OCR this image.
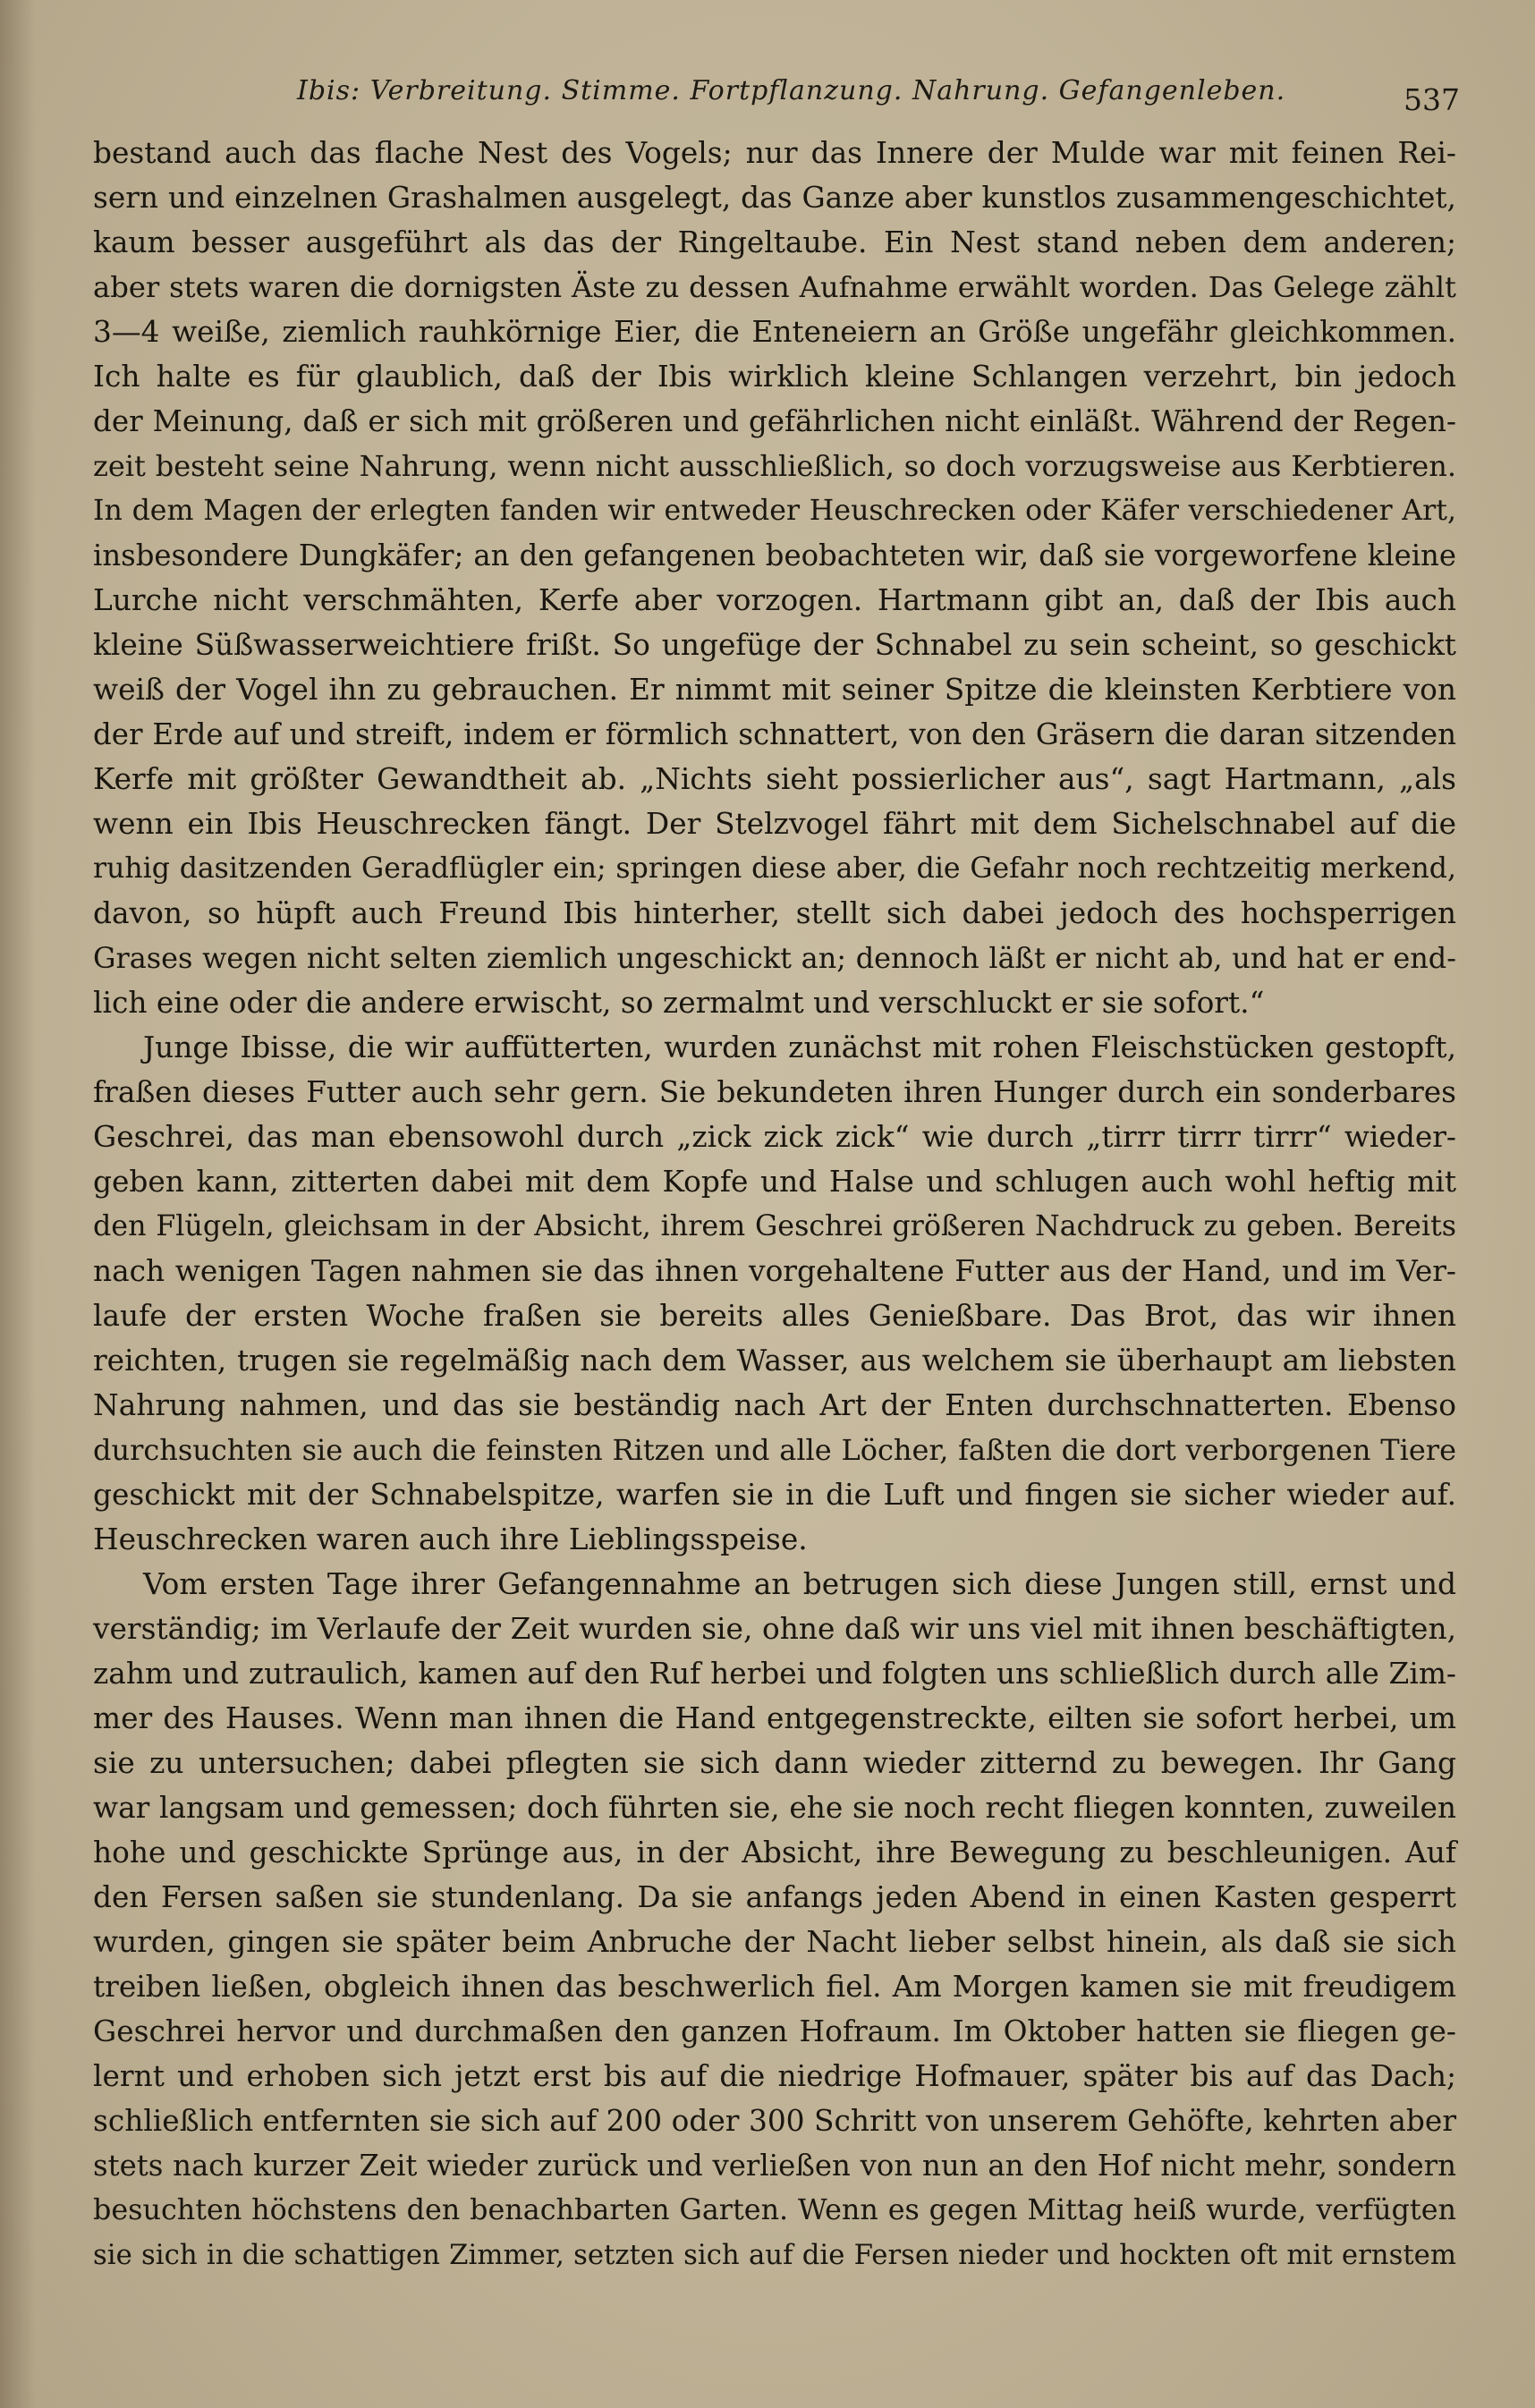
Ibis: Verbreitung. Stimme. Fortpflanzung. Nahrung. Gefangenleben.	537
bestand auch das flache Nest des Vogels; nur das Innere der Mulde war mit feinen Rei-
sern und einzelnen Grashalmen ausgelegt, das Ganze aber kunstlos zusammengeschichtet,
kaum besser ausgeführt als das der Ringeltaube. Ein Nest stand neben dem anderen;
aber stets waren die dornigsten Äste zu dessen Aufnahme erwählt worden. Das Gelege zählt
3—4 weiße, ziemlich rauhkörnige Eier, die Enteneiern an Größe ungefähr gleichkommen.
Ich halte es für glaublich, daß der Ibis wirklich kleine Schlangen verzehrt, bin jedoch
der Meinung, daß er sich mit größeren und gefährlichen nicht einläßt. Während der Regen-
zeit besteht seine Nahrung, wenn nicht ausschließlich, so doch vorzugsweise aus Kerbtieren.
In dem Magen der erlegten fanden wir entweder Heuschrecken oder Käfer verschiedener Art,
insbesondere Dungkäfer; an den gefangenen beobachteten wir, daß sie vorgeworfene kleine
Lurche nicht verschmähten, Kerfe aber vorzogen. Hartmann gibt an, daß der Ibis auch
kleine Süßwasserweichtiere frißt. So ungefüge der Schnabel zu sein scheint, so geschickt
weiß der Vogel ihn zu gebrauchen. Er nimmt mit seiner Spitze die kleinsten Kerbtiere von
der Erde auf und streift, indem er förmlich schnattert, von den Gräsern die daran sitzenden
Kerfe mit größter Gewandtheit ab. „Nichts sieht possierlicher aus“, sagt Hartmann, „als
wenn ein Ibis Heuschrecken fängt. Der Stelzvogel fährt mit dem Sichelschnabel auf die
ruhig dasitzenden Geradflügler ein; springen diese aber, die Gefahr noch rechtzeitig merkend,
davon, so hüpft auch Freund Ibis hinterher, stellt sich dabei jedoch des hochsperrigen
Grases wegen nicht selten ziemlich ungeschickt an; dennoch läßt er nicht ab, und hat er end-
lich eine oder die andere erwischt, so zermalmt und verschluckt er sie sofort.“
Junge Ibisse, die wir auffütterten, wurden zunächst mit rohen Fleischstücken gestopft,
fraßen dieses Futter auch sehr gern. Sie bekundeten ihren Hunger durch ein sonderbares
Geschrei, das man ebensowohl durch „zick zick zick“ wie durch „tirrr tirrr tirrr“ wieder-
geben kann, zitterten dabei mit dem Kopfe und Halse und schlugen auch wohl heftig mit
den Flügeln, gleichsam in der Absicht, ihrem Geschrei größeren Nachdruck zu geben. Bereits
nach wenigen Tagen nahmen sie das ihnen vorgehaltene Futter aus der Hand, und im Ver-
laufe der ersten Woche fraßen sie bereits alles Genießbare. Das Brot, das wir ihnen
reichten, trugen sie regelmäßig nach dem Wasser, aus welchem sie überhaupt am liebsten
Nahrung nahmen, und das sie beständig nach Art der Enten durchschnatterten. Ebenso
durchsuchten sie auch die feinsten Ritzen und alle Löcher, faßten die dort verborgenen Tiere
geschickt mit der Schnabelspitze, warfen sie in die Luft und fingen sie sicher wieder auf.
Heuschrecken waren auch ihre Lieblingsspeise.
Vom ersten Tage ihrer Gefangennahme an betrugen sich diese Jungen still, ernst und
verständig; im Verlaufe der Zeit wurden sie, ohne daß wir uns viel mit ihnen beschäftigten,
zahm und zutraulich, kamen auf den Ruf herbei und folgten uns schließlich durch alle Zim-
mer des Hauses. Wenn man ihnen die Hand entgegenstreckte, eilten sie sofort herbei, um
sie zu untersuchen; dabei pflegten sie sich dann wieder zitternd zu bewegen. Ihr Gang
war langsam und gemessen; doch führten sie, ehe sie noch recht fliegen konnten, zuweilen
hohe und geschickte Sprünge aus, in der Absicht, ihre Bewegung zu beschleunigen. Auf
den Fersen saßen sie stundenlang. Da sie anfangs jeden Abend in einen Kasten gesperrt
wurden, gingen sie später beim Anbruche der Nacht lieber selbst hinein, als daß sie sich
treiben ließen, obgleich ihnen das beschwerlich fiel. Am Morgen kamen sie mit freudigem
Geschrei hervor und durchmaßen den ganzen Hofraum. Im Oktober hatten sie fliegen ge-
lernt und erhoben sich jetzt erst bis auf die niedrige Hofmauer, später bis auf das Dach;
schließlich entfernten sie sich auf 200 oder 300 Schritt von unserem Gehöfte, kehrten aber
stets nach kurzer Zeit wieder zurück und verließen von nun an den Hof nicht mehr, sondern
besuchten höchstens den benachbarten Garten. Wenn es gegen Mittag heiß wurde, verfügten
sie sich in die schattigen Zimmer, setzten sich auf die Fersen nieder und hockten oft mit ernstem
